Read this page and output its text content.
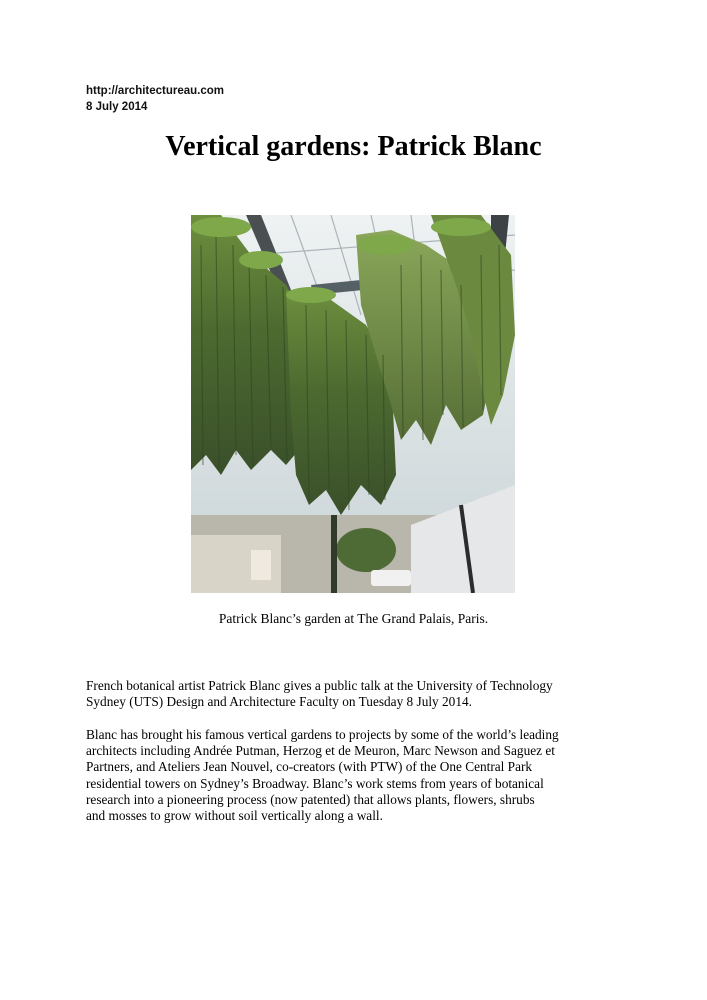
http://architectureau.com
8 July 2014
Vertical gardens: Patrick Blanc
Patrick Blanc’s garden at The Grand Palais, Paris.

French botanical artist Patrick Blanc gives a public talk at the University of Technology
Sydney (UTS) Design and Architecture Faculty on Tuesday 8 July 2014.

Blanc has brought his famous vertical gardens to projects by some of the world’s leading
architects including Andrée Putman, Herzog et de Meuron, Marc Newson and Saguez et
Partners, and Ateliers Jean Nouvel, co-creators (with PTW) of the One Central Park
residential towers on Sydney’s Broadway. Blanc’s work stems from years of botanical
research into a pioneering process (now patented) that allows plants, flowers, shrubs
and mosses to grow without soil vertically along a wall.
